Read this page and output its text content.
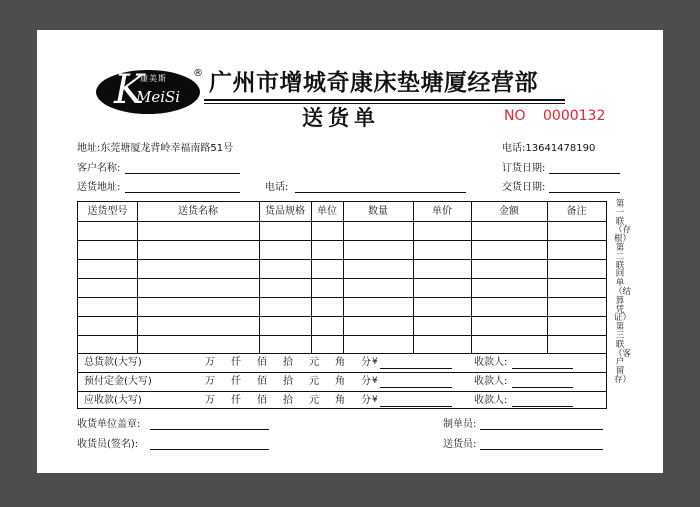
K
康美斯
MeiSi
® 广州市增城奇康床垫塘厦经营部
送货单	NO 0000132
地址:东莞塘厦龙背岭幸福南路51号	电话:13641478190
客户名称:	订货日期:
送货地址:	电话:	交货日期:
送货型号	送货名称	货品规格	单位	数量	单价	金额	备注
总货款(大写)	万 仟 佰 拾 元 角 分 ¥	收款人:
预付定金(大写)	万 仟 佰 拾 元 角 分 ¥	收款人:
应收款(大写)	万 仟 佰 拾 元 角 分 ¥	收款人:
第一联（存根）第二联回单（结算凭证）第三联（客户留存）
收货单位盖章:	制单员:
收货员(签名):	送货员:
